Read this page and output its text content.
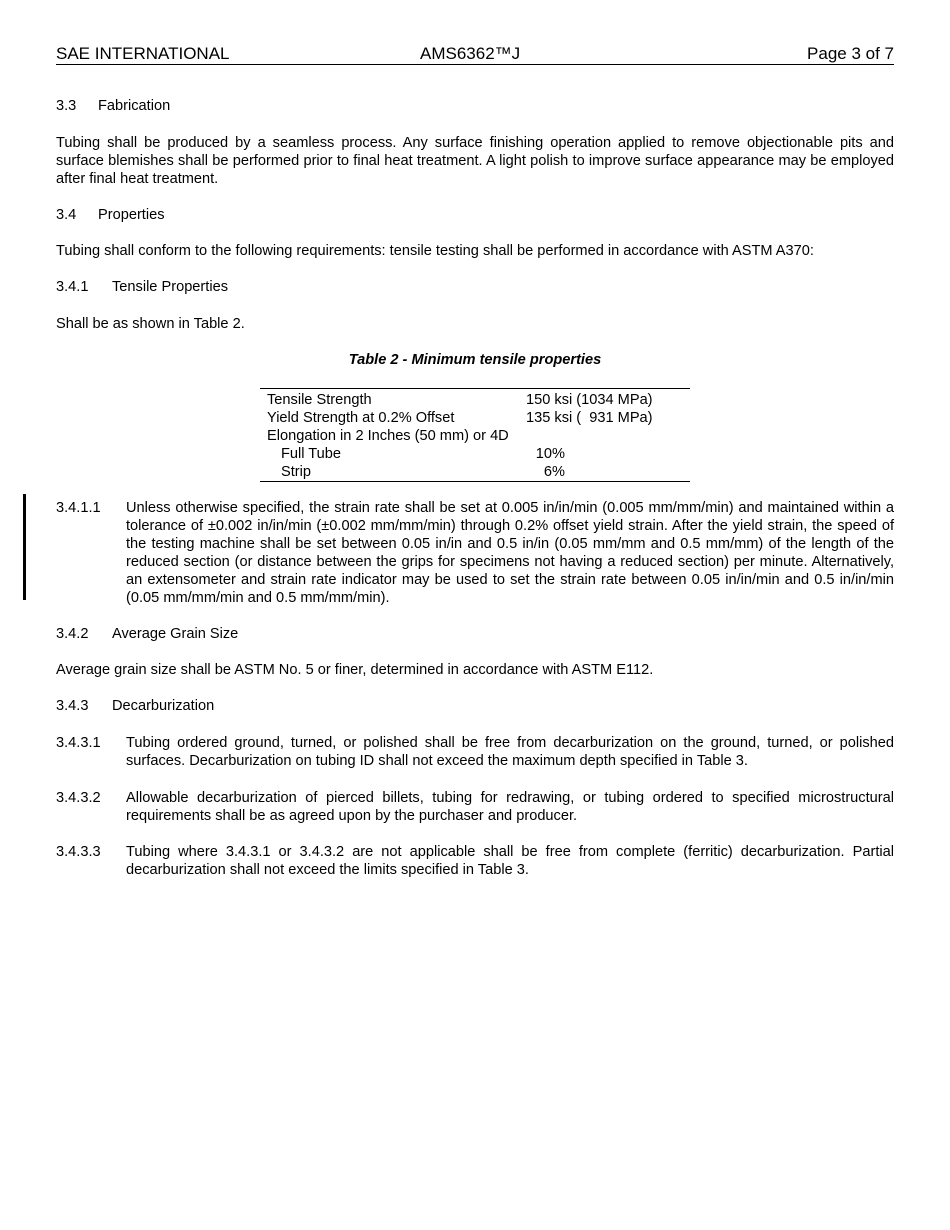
SAE INTERNATIONAL	AMS6362™J	Page 3 of 7
3.3 Fabrication
Tubing shall be produced by a seamless process. Any surface finishing operation applied to remove objectionable pits and surface blemishes shall be performed prior to final heat treatment. A light polish to improve surface appearance may be employed after final heat treatment.
3.4 Properties
Tubing shall conform to the following requirements: tensile testing shall be performed in accordance with ASTM A370:
3.4.1 Tensile Properties
Shall be as shown in Table 2.
Table 2 - Minimum tensile properties
Tensile Strength	150 ksi (1034 MPa)
Yield Strength at 0.2% Offset	135 ksi (  931 MPa)
Elongation in 2 Inches (50 mm) or 4D
Full Tube	10%
Strip	6%
3.4.1.1 Unless otherwise specified, the strain rate shall be set at 0.005 in/in/min (0.005 mm/mm/min) and maintained within a tolerance of ±0.002 in/in/min (±0.002 mm/mm/min) through 0.2% offset yield strain. After the yield strain, the speed of the testing machine shall be set between 0.05 in/in and 0.5 in/in (0.05 mm/mm and 0.5 mm/mm) of the length of the reduced section (or distance between the grips for specimens not having a reduced section) per minute. Alternatively, an extensometer and strain rate indicator may be used to set the strain rate between 0.05 in/in/min and 0.5 in/in/min (0.05 mm/mm/min and 0.5 mm/mm/min).
3.4.2 Average Grain Size
Average grain size shall be ASTM No. 5 or finer, determined in accordance with ASTM E112.
3.4.3 Decarburization
3.4.3.1 Tubing ordered ground, turned, or polished shall be free from decarburization on the ground, turned, or polished surfaces. Decarburization on tubing ID shall not exceed the maximum depth specified in Table 3.
3.4.3.2 Allowable decarburization of pierced billets, tubing for redrawing, or tubing ordered to specified microstructural requirements shall be as agreed upon by the purchaser and producer.
3.4.3.3 Tubing where 3.4.3.1 or 3.4.3.2 are not applicable shall be free from complete (ferritic) decarburization. Partial decarburization shall not exceed the limits specified in Table 3.
